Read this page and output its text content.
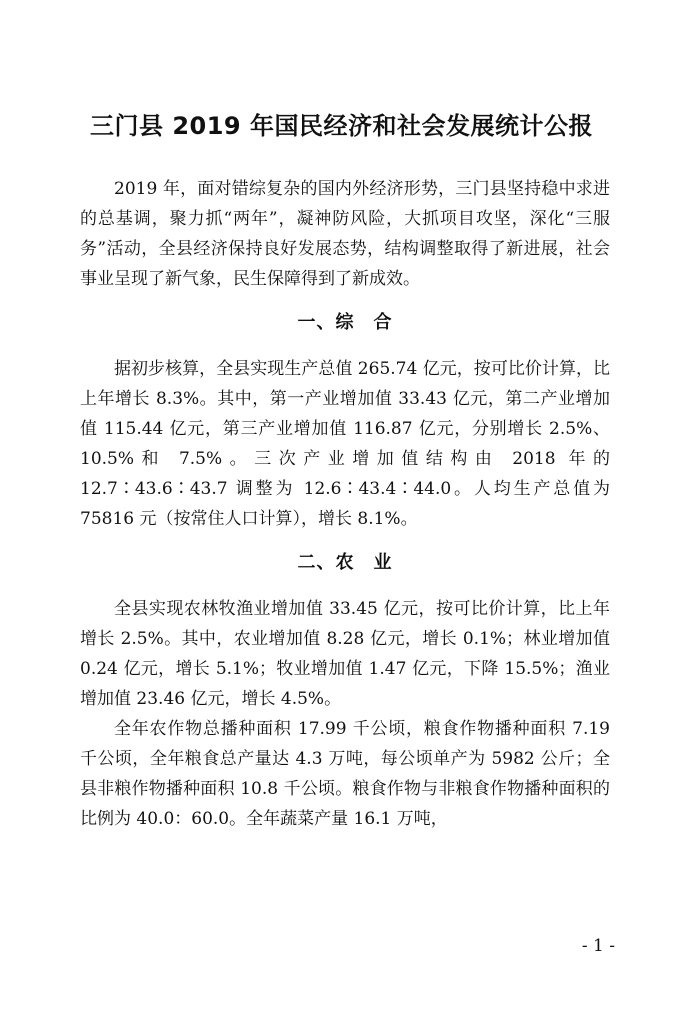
三门县 2019 年国民经济和社会发展统计公报

2019 年，面对错综复杂的国内外经济形势，三门县坚持稳中求进的总基调，聚力抓“两年”，凝神防风险，大抓项目攻坚，深化“三服务”活动，全县经济保持良好发展态势，结构调整取得了新进展，社会事业呈现了新气象，民生保障得到了新成效。

一、综　合

据初步核算，全县实现生产总值 265.74 亿元，按可比价计算，比上年增长 8.3%。其中，第一产业增加值 33.43 亿元，第二产业增加值 115.44 亿元，第三产业增加值 116.87 亿元，分别增长 2.5%、10.5%和 7.5%。三次产业增加值结构由 2018 年的 12.7∶43.6∶43.7 调整为 12.6∶43.4∶44.0。人均生产总值为 75816 元（按常住人口计算），增长 8.1%。

二、农　业

全县实现农林牧渔业增加值 33.45 亿元，按可比价计算，比上年增长 2.5%。其中，农业增加值 8.28 亿元，增长 0.1%；林业增加值 0.24 亿元，增长 5.1%；牧业增加值 1.47 亿元，下降 15.5%；渔业增加值 23.46 亿元，增长 4.5%。

全年农作物总播种面积 17.99 千公顷，粮食作物播种面积 7.19 千公顷，全年粮食总产量达 4.3 万吨，每公顷单产为 5982 公斤；全县非粮作物播种面积 10.8 千公顷。粮食作物与非粮食作物播种面积的比例为 40.0：60.0。全年蔬菜产量 16.1 万吨，

- 1 -
